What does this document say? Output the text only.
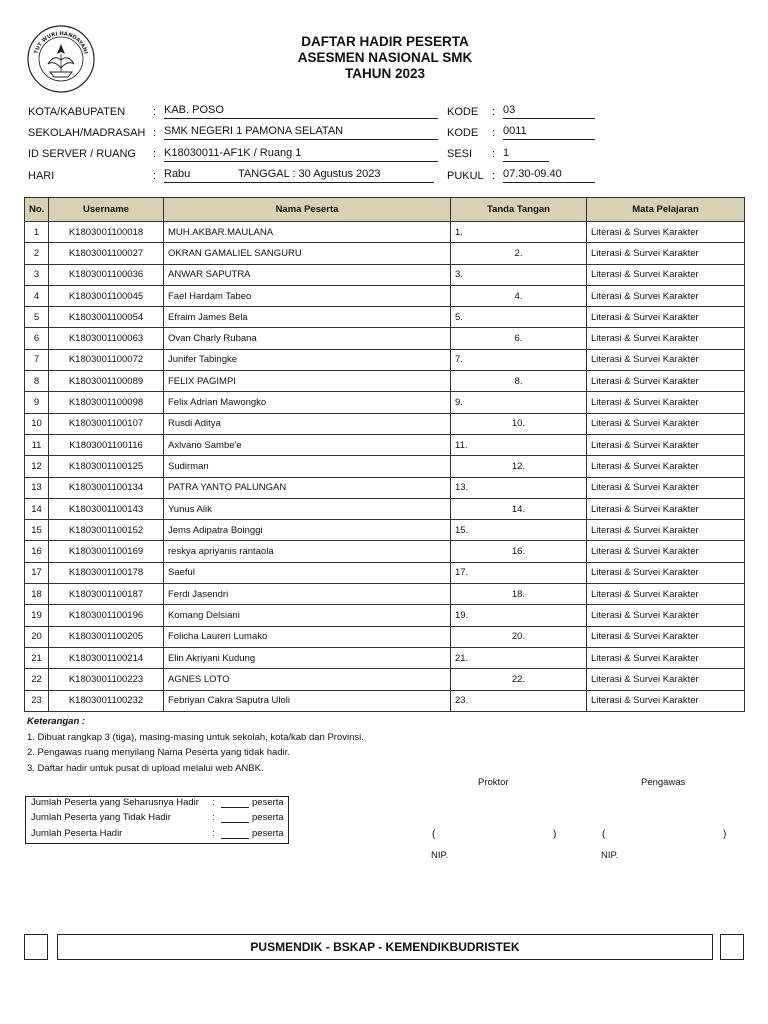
TUT WURI HANDAYANI
DAFTAR HADIR PESERTA
ASESMEN NASIONAL SMK
TAHUN 2023
KOTA/KABUPATEN	: KAB. POSO
SEKOLAH/MADRASAH : SMK NEGERI 1 PAMONA SELATAN
ID SERVER / RUANG : K18030011-AF1K / Ruang 1
HARI	: Rabu	TANGGAL : 30 Agustus 2023
KODE : 03
KODE : 0011
SESI : 1
PUKUL : 07.30-09.40
No.	Username	Nama Peserta	Tanda Tangan	Mata Pelajaran
1	K1803001100018	MUH.AKBAR.MAULANA	1.	Literasi & Survei Karakter
2	K1803001100027	OKRAN GAMALIEL SANGURU	2.	Literasi & Survei Karakter
3	K1803001100036	ANWAR SAPUTRA	3.	Literasi & Survei Karakter
4	K1803001100045	Fael Hardam Tabeo	4.	Literasi & Survei Karakter
5	K1803001100054	Efraim James Bela	5.	Literasi & Survei Karakter
6	K1803001100063	Ovan Charly Rubana	6.	Literasi & Survei Karakter
7	K1803001100072	Junifer Tabingke	7.	Literasi & Survei Karakter
8	K1803001100089	FELIX PAGIMPI	8.	Literasi & Survei Karakter
9	K1803001100098	Felix Adrian Mawongko	9.	Literasi & Survei Karakter
10	K1803001100107	Rusdi Aditya	10.	Literasi & Survei Karakter
11	K1803001100116	Axlvano Sambe'e	11.	Literasi & Survei Karakter
12	K1803001100125	Sudirman	12.	Literasi & Survei Karakter
13	K1803001100134	PATRA YANTO PALUNGAN	13.	Literasi & Survei Karakter
14	K1803001100143	Yunus Alik	14.	Literasi & Survei Karakter
15	K1803001100152	Jems Adipatra Boinggi	15.	Literasi & Survei Karakter
16	K1803001100169	reskya apriyanis rantaola	16.	Literasi & Survei Karakter
17	K1803001100178	Saeful	17.	Literasi & Survei Karakter
18	K1803001100187	Ferdi Jasendri	18.	Literasi & Survei Karakter
19	K1803001100196	Komang Delsiani	19.	Literasi & Survei Karakter
20	K1803001100205	Folicha Lauren Lumako	20.	Literasi & Survei Karakter
21	K1803001100214	Elin Akriyani Kudung	21.	Literasi & Survei Karakter
22	K1803001100223	AGNES LOTO	22.	Literasi & Survei Karakter
23	K1803001100232	Febriyan Cakra Saputra Uloli	23.	Literasi & Survei Karakter
Keterangan :
1. Dibuat rangkap 3 (tiga), masing-masing untuk sekolah, kota/kab dan Provinsi.
2. Pengawas ruang menyilang Nama Peserta yang tidak hadir.
3. Daftar hadir untuk pusat di upload melalui web ANBK.
Jumlah Peserta yang Seharusnya Hadir :	peserta
Jumlah Peserta yang Tidak Hadir	:	peserta
Jumlah Peserta Hadir	:	peserta
Proktor	Pengawas
(	)	(	)
NIP.	NIP.
PUSMENDIK - BSKAP - KEMENDIKBUDRISTEK
